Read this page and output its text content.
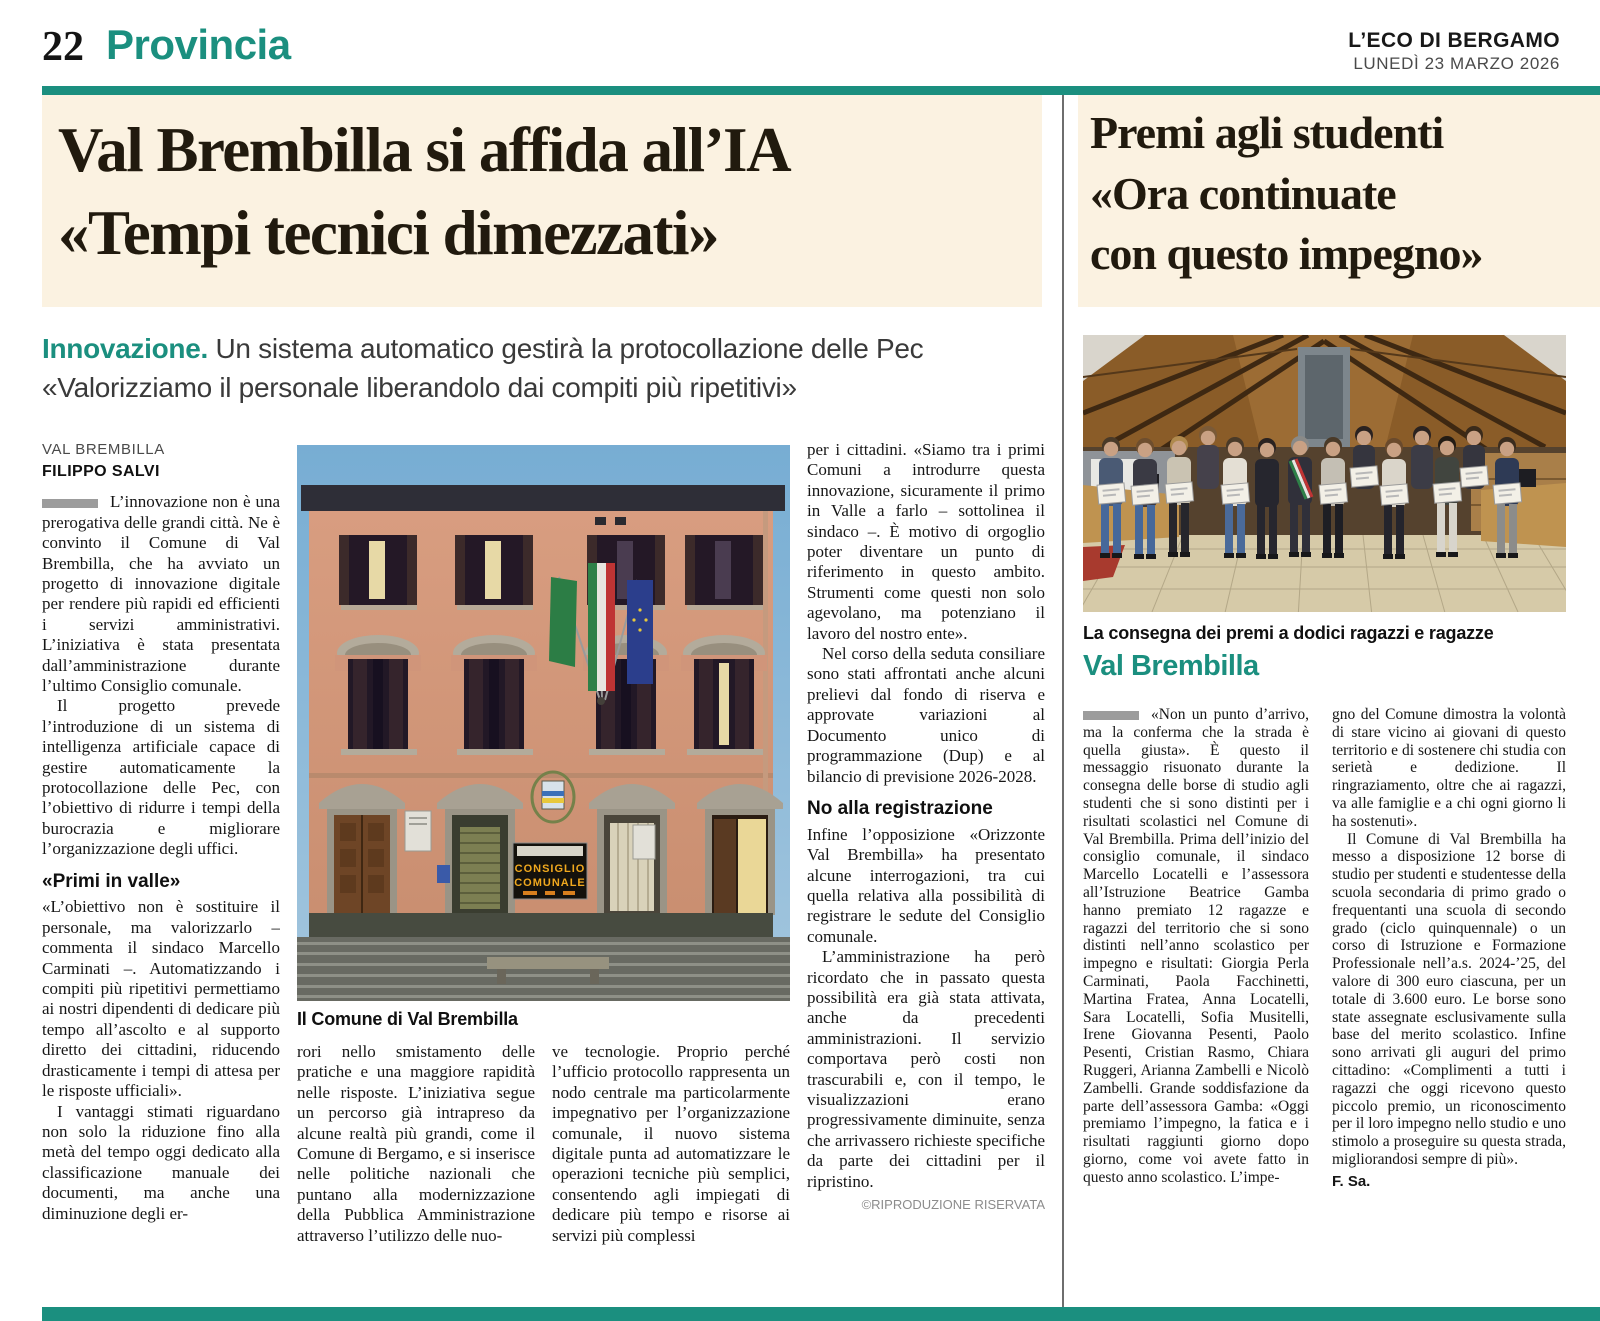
22 Provincia	L’ECO DI BERGAMO
LUNEDÌ 23 MARZO 2026
Val Brembilla si affida all’IA
«Tempi tecnici dimezzati»
Premi agli studenti
«Ora continuate
con questo impegno»
Innovazione. Un sistema automatico gestirà la protocollazione delle Pec
«Valorizziamo il personale liberandolo dai compiti più ripetitivi»
VAL BREMBILLA
FILIPPO SALVI

L’innovazione non è una prerogativa delle grandi città. Ne è convinto il Comune di Val Brembilla, che ha avviato un progetto di innovazione digitale per rendere più rapidi ed efficienti i servizi amministrativi. L’iniziativa è stata presentata dall’amministrazione durante l’ultimo Consiglio comunale.

Il progetto prevede l’introduzione di un sistema di intelligenza artificiale capace di gestire automaticamente la protocollazione delle Pec, con l’obiettivo di ridurre i tempi della burocrazia e migliorare l’organizzazione degli uffici.

«Primi in valle»

«L’obiettivo non è sostituire il personale, ma valorizzarlo – commenta il sindaco Marcello Carminati –. Automatizzando i compiti più ripetitivi permettiamo ai nostri dipendenti di dedicare più tempo all’ascolto e al supporto diretto dei cittadini, riducendo drasticamente i tempi di attesa per le risposte ufficiali».

I vantaggi stimati riguardano non solo la riduzione fino alla metà del tempo oggi dedicato alla classificazione manuale dei documenti, ma anche una diminuzione degli er-

CONSIGLIO
COMUNALE
Il Comune di Val Brembilla

rori nello smistamento delle pratiche e una maggiore rapidità nelle risposte. L’iniziativa segue un percorso già intrapreso da alcune realtà più grandi, come il Comune di Bergamo, e si inserisce nelle politiche nazionali che puntano alla modernizzazione della Pubblica Amministrazione attraverso l’utilizzo delle nuo-

ve tecnologie. Proprio perché l’ufficio protocollo rappresenta un nodo centrale ma particolarmente impegnativo per l’organizzazione comunale, il nuovo sistema digitale punta ad automatizzare le operazioni tecniche più semplici, consentendo agli impiegati di dedicare più tempo e risorse ai servizi più complessi

per i cittadini. «Siamo tra i primi Comuni a introdurre questa innovazione, sicuramente il primo in Valle a farlo – sottolinea il sindaco –. È motivo di orgoglio poter diventare un punto di riferimento in questo ambito. Strumenti come questi non solo agevolano, ma potenziano il lavoro del nostro ente».

Nel corso della seduta consiliare sono stati affrontati anche alcuni prelievi dal fondo di riserva e approvate variazioni al Documento unico di programmazione (Dup) e al bilancio di previsione 2026-2028.

No alla registrazione

Infine l’opposizione «Orizzonte Val Brembilla» ha presentato alcune interrogazioni, tra cui quella relativa alla possibilità di registrare le sedute del Consiglio comunale.

L’amministrazione ha però ricordato che in passato questa possibilità era già stata attivata, anche da precedenti amministrazioni. Il servizio comportava però costi non trascurabili e, con il tempo, le visualizzazioni erano progressivamente diminuite, senza che arrivassero richieste specifiche da parte dei cittadini per il ripristino.

©RIPRODUZIONE RISERVATA

La consegna dei premi a dodici ragazzi e ragazze
Val Brembilla

«Non un punto d’arrivo, ma la conferma che la strada è quella giusta». È questo il messaggio risuonato durante la consegna delle borse di studio agli studenti che si sono distinti per i risultati scolastici nel Comune di Val Brembilla. Prima dell’inizio del consiglio comunale, il sindaco Marcello Locatelli e l’assessora all’Istruzione Beatrice Gamba hanno premiato 12 ragazze e ragazzi del territorio che si sono distinti nell’anno scolastico per impegno e risultati: Giorgia Perla Carminati, Paola Facchinetti, Martina Fratea, Anna Locatelli, Sara Locatelli, Sofia Musitelli, Irene Giovanna Pesenti, Paolo Pesenti, Cristian Rasmo, Chiara Ruggeri, Arianna Zambelli e Nicolò Zambelli. Grande soddisfazione da parte dell’assessora Gamba: «Oggi premiamo l’impegno, la fatica e i risultati raggiunti giorno dopo giorno, come voi avete fatto in questo anno scolastico. L’impe-

gno del Comune dimostra la volontà di stare vicino ai giovani di questo territorio e di sostenere chi studia con serietà e dedizione. Il ringraziamento, oltre che ai ragazzi, va alle famiglie e a chi ogni giorno li ha sostenuti».

Il Comune di Val Brembilla ha messo a disposizione 12 borse di studio per studenti e studentesse della scuola secondaria di primo grado o frequentanti una scuola di secondo grado (ciclo quinquennale) o un corso di Istruzione e Formazione Professionale nell’a.s. 2024-’25, del valore di 300 euro ciascuna, per un totale di 3.600 euro. Le borse sono state assegnate esclusivamente sulla base del merito scolastico. Infine sono arrivati gli auguri del primo cittadino: «Complimenti a tutti i ragazzi che oggi ricevono questo piccolo premio, un riconoscimento per il loro impegno nello studio e uno stimolo a proseguire su questa strada, migliorandosi sempre di più».

F. Sa.
